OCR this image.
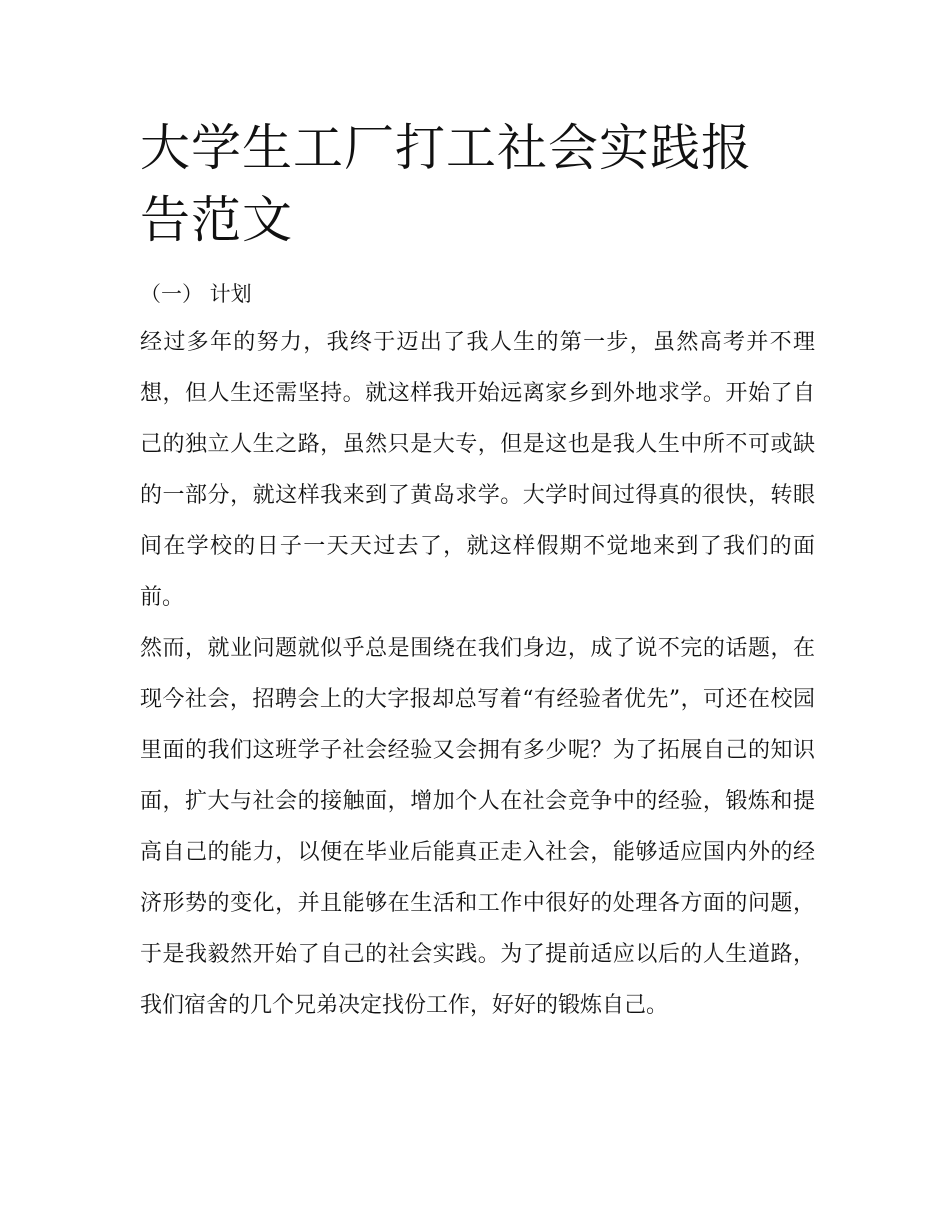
大学生工厂打工社会实践报告范文
（一） 计划

经过多年的努力，我终于迈出了我人生的第一步，虽然高考并不理想，但人生还需坚持。就这样我开始远离家乡到外地求学。开始了自己的独立人生之路，虽然只是大专，但是这也是我人生中所不可或缺的一部分，就这样我来到了黄岛求学。大学时间过得真的很快，转眼间在学校的日子一天天过去了，就这样假期不觉地来到了我们的面前。

然而，就业问题就似乎总是围绕在我们身边，成了说不完的话题，在现今社会，招聘会上的大字报却总写着“有经验者优先”，可还在校园里面的我们这班学子社会经验又会拥有多少呢？为了拓展自己的知识面，扩大与社会的接触面，增加个人在社会竞争中的经验，锻炼和提高自己的能力，以便在毕业后能真正走入社会，能够适应国内外的经济形势的变化，并且能够在生活和工作中很好的处理各方面的问题，于是我毅然开始了自己的社会实践。为了提前适应以后的人生道路，我们宿舍的几个兄弟决定找份工作，好好的锻炼自己。
